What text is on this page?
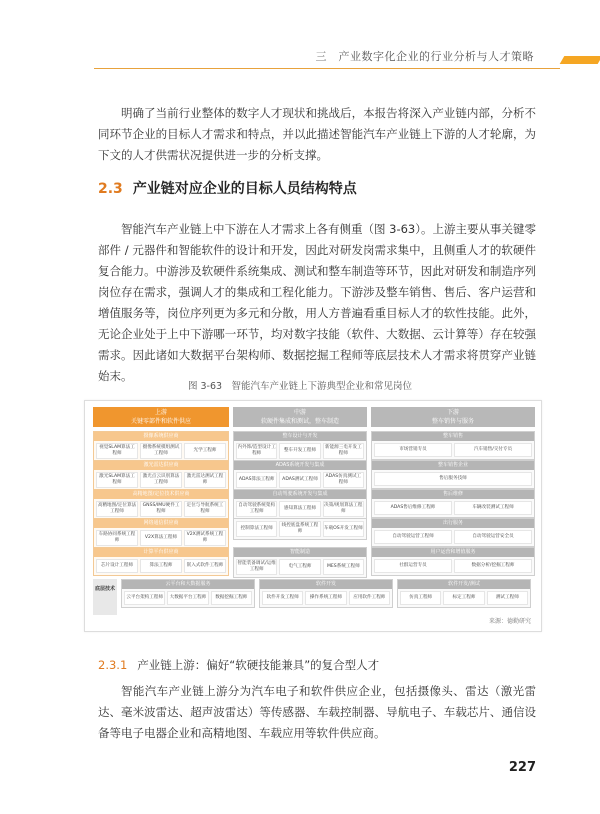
三　产业数字化企业的行业分析与人才策略

明确了当前行业整体的数字人才现状和挑战后，本报告将深入产业链内部，分析不同环节企业的目标人才需求和特点，并以此描述智能汽车产业链上下游的人才轮廓，为下文的人才供需状况提供进一步的分析支撑。

2.3 产业链对应企业的目标人员结构特点

智能汽车产业链上中下游在人才需求上各有侧重（图 3-63）。上游主要从事关键零部件 / 元器件和智能软件的设计和开发，因此对研发岗需求集中，且侧重人才的软硬件复合能力。中游涉及软硬件系统集成、测试和整车制造等环节，因此对研发和制造序列岗位存在需求，强调人才的集成和工程化能力。下游涉及整车销售、售后、客户运营和增值服务等，岗位序列更为多元和分散，用人方普遍看重目标人才的软性技能。此外，无论企业处于上中下游哪一环节，均对数字技能（软件、大数据、云计算等）存在较强需求。因此诸如大数据平台架构师、数据挖掘工程师等底层技术人才需求将贯穿产业链始末。

图 3-63　智能汽车产业链上下游典型企业和常见岗位
上游
关键零部件和软件供应
中游
软硬件集成和测试，整车制造
下游
整车销售与服务
底层技术
来源：德勤研究
摄像系统供应商
视觉SLAM算法工程师
摄像系统模组测试工程师
光学工程师
激光雷达供应商
激光SLAM算法工程师
激光点云识别算法工程师
激光雷达测试工程师
高精地图/定位技术供应商
高精地图/定位算法工程师
GNSS/IMU硬件工程师
定位与导航系统工程师
网络通信供应商
车路协同系统工程师
V2X算法工程师
V2X测试系统工程师
计算平台供应商
芯片设计工程师	算法工程师	嵌入式软件工程师
整车设计与开发
内外饰/造型设计工程师
整车开发工程师
新能源三电开发工程师
ADAS系统开发与集成
ADAS算法工程师	ADAS测试工程师
ADAS仿真测试工程师
自动驾驶系统开发与集成
自动驾驶系统架构工程师
感知算法工程师
决策/规划算法工程师
控制算法工程师
线控底盘系统工程师
车载OS开发工程师
智能制造
智能装备调试/运维工程师
电气工程师	MES系统工程师
整车销售
市场营销专员	汽车销售/交付专员
整车销售企业
售后服务技师
售后维修
ADAS售后维修工程师	车辆改装测试工程师
出行服务
自动驾驶运营工程师	自动驾驶运营安全员
用户运营和增值服务
社群运营专员	数据分析/挖掘工程师
云平台和大数据服务
云平台架构工程师	大数据平台工程师	数据挖掘工程师
软件开发
软件开发工程师	操作系统工程师	应用软件工程师
软件开发/测试
仿真工程师	标定工程师	测试工程师
2.3.1 产业链上游：偏好“软硬技能兼具”的复合型人才

智能汽车产业链上游分为汽车电子和软件供应企业，包括摄像头、雷达（激光雷达、毫米波雷达、超声波雷达）等传感器、车载控制器、导航电子、车载芯片、通信设备等电子电器企业和高精地图、车载应用等软件供应商。

227
